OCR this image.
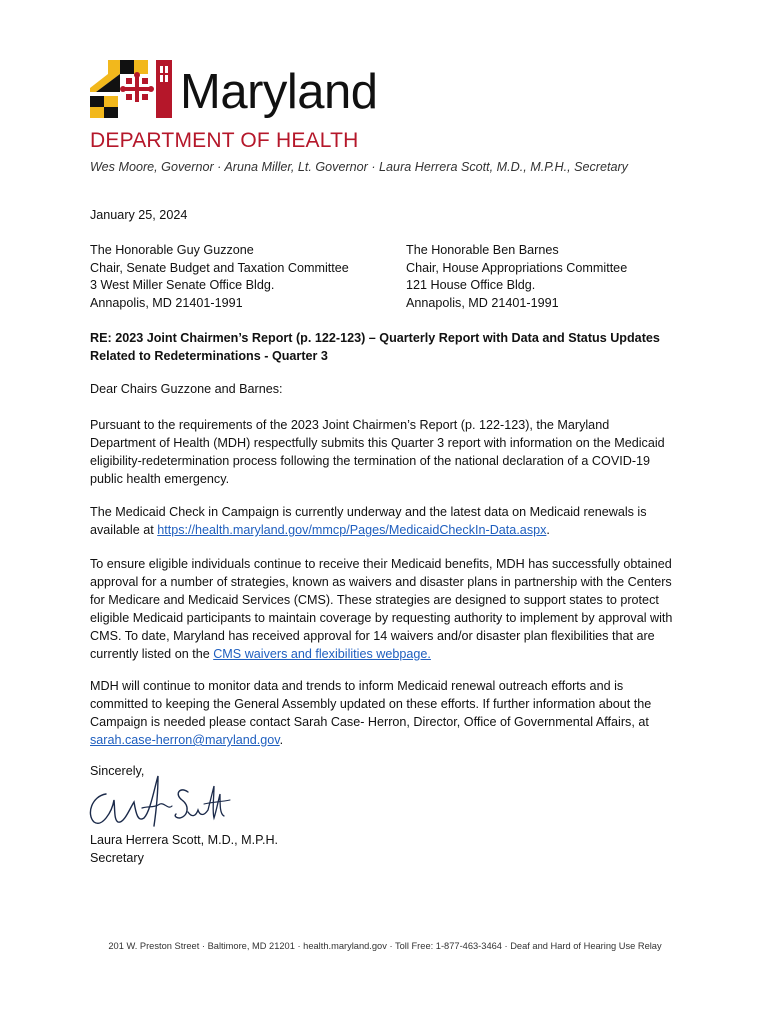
Maryland
DEPARTMENT OF HEALTH
Wes Moore, Governor · Aruna Miller, Lt. Governor · Laura Herrera Scott, M.D., M.P.H., Secretary
January 25, 2024
The Honorable Guy Guzzone
Chair, Senate Budget and Taxation Committee
3 West Miller Senate Office Bldg.
Annapolis, MD 21401-1991
The Honorable Ben Barnes
Chair, House Appropriations Committee
121 House Office Bldg.
Annapolis, MD 21401-1991
RE: 2023 Joint Chairmen’s Report (p. 122-123) – Quarterly Report with Data and Status Updates
Related to Redeterminations - Quarter 3
Dear Chairs Guzzone and Barnes:

Pursuant to the requirements of the 2023 Joint Chairmen’s Report (p. 122-123), the Maryland Department of Health (MDH) respectfully submits this Quarter 3 report with information on the Medicaid eligibility-redetermination process following the termination of the national declaration of a COVID-19 public health emergency.

The Medicaid Check in Campaign is currently underway and the latest data on Medicaid renewals is available at https://health.maryland.gov/mmcp/Pages/MedicaidCheckIn-Data.aspx.

To ensure eligible individuals continue to receive their Medicaid benefits, MDH has successfully obtained approval for a number of strategies, known as waivers and disaster plans in partnership with the Centers for Medicare and Medicaid Services (CMS). These strategies are designed to support states to protect eligible Medicaid participants to maintain coverage by requesting authority to implement by approval with CMS. To date, Maryland has received approval for 14 waivers and/or disaster plan flexibilities that are currently listed on the CMS waivers and flexibilities webpage.

MDH will continue to monitor data and trends to inform Medicaid renewal outreach efforts and is committed to keeping the General Assembly updated on these efforts. If further information about the Campaign is needed please contact Sarah Case- Herron, Director, Office of Governmental Affairs, at sarah.case-herron@maryland.gov.

Sincerely,
Laura Herrera Scott, M.D., M.P.H.
Secretary
201 W. Preston Street · Baltimore, MD 21201 · health.maryland.gov · Toll Free: 1-877-463-3464 · Deaf and Hard of Hearing Use Relay
